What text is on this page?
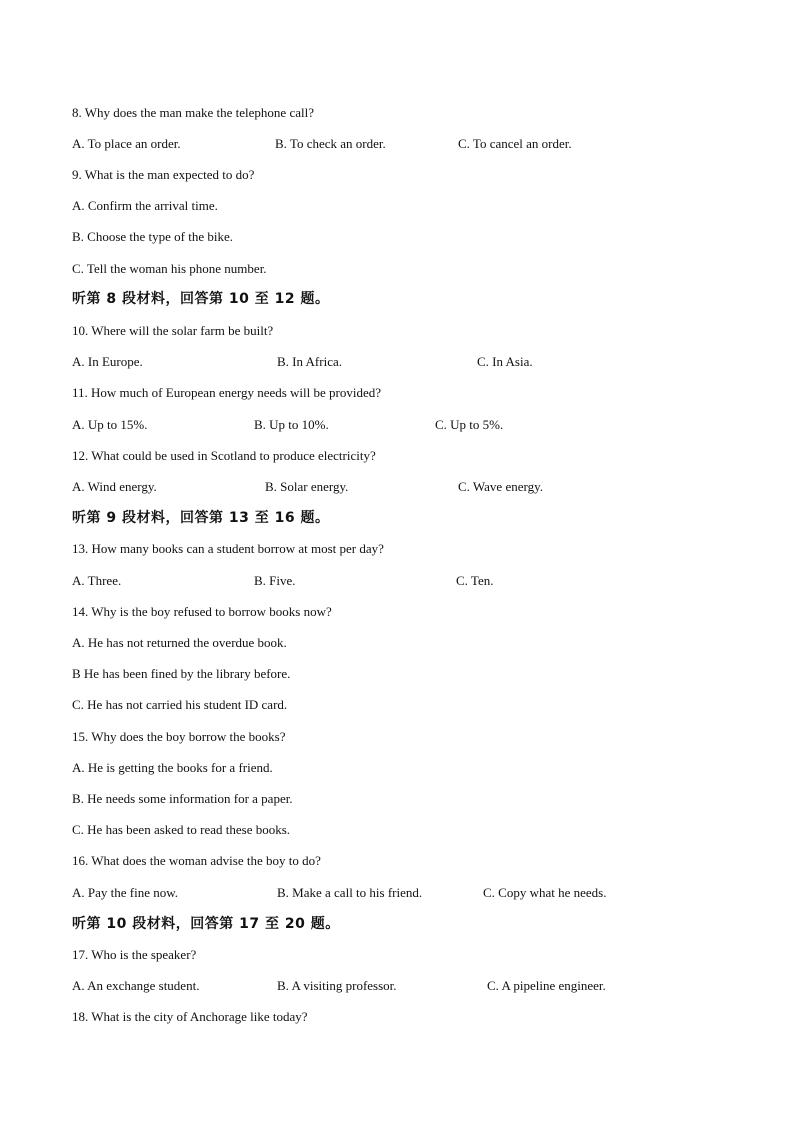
8. Why does the man make the telephone call?
A. To place an order.	B. To check an order.	C. To cancel an order.
9. What is the man expected to do?
A. Confirm the arrival time.
B. Choose the type of the bike.
C. Tell the woman his phone number.
听第 8 段材料，回答第 10 至 12 题。
10. Where will the solar farm be built?
A. In Europe.	B. In Africa.	C. In Asia.
11. How much of European energy needs will be provided?
A. Up to 15%.	B. Up to 10%.	C. Up to 5%.
12. What could be used in Scotland to produce electricity?
A. Wind energy.	B. Solar energy.	C. Wave energy.
听第 9 段材料，回答第 13 至 16 题。
13. How many books can a student borrow at most per day?
A. Three.	B. Five.	C. Ten.
14. Why is the boy refused to borrow books now?
A. He has not returned the overdue book.
B He has been fined by the library before.
C. He has not carried his student ID card.
15. Why does the boy borrow the books?
A. He is getting the books for a friend.
B. He needs some information for a paper.
C. He has been asked to read these books.
16. What does the woman advise the boy to do?
A. Pay the fine now.	B. Make a call to his friend.	C. Copy what he needs.
听第 10 段材料，回答第 17 至 20 题。
17. Who is the speaker?
A. An exchange student.	B. A visiting professor.	C. A pipeline engineer.
18. What is the city of Anchorage like today?
